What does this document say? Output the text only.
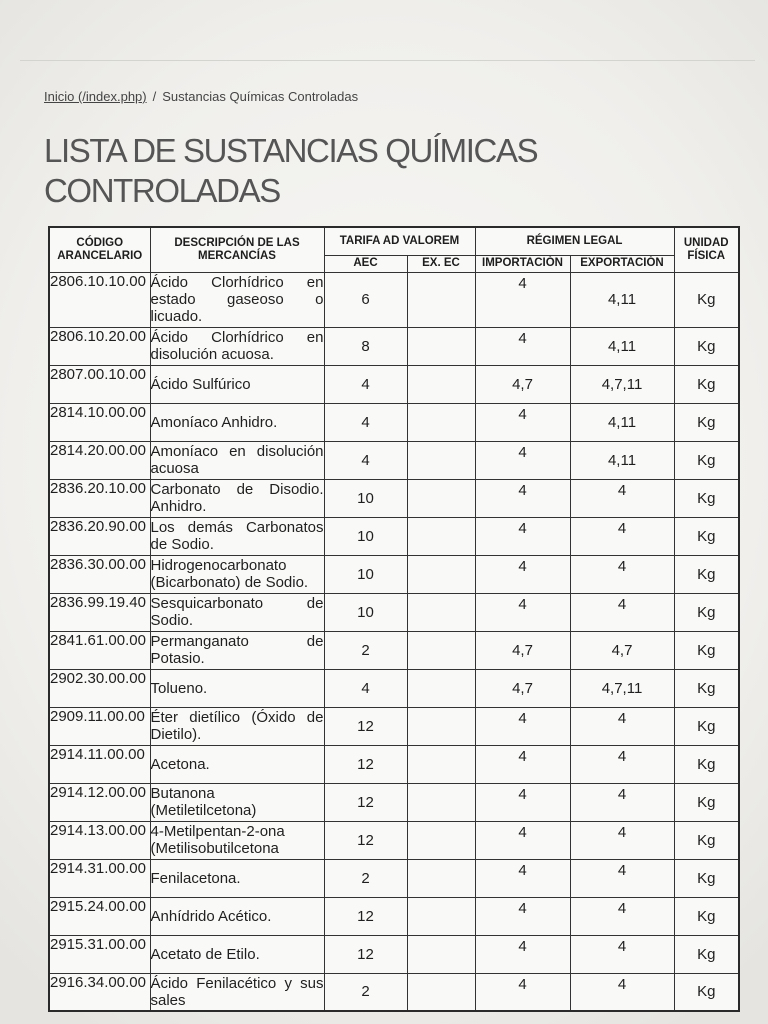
Inicio (/index.php) / Sustancias Químicas Controladas
LISTA DE SUSTANCIAS QUÍMICAS CONTROLADAS
CÓDIGO ARANCELARIO	DESCRIPCIÓN DE LAS MERCANCÍAS	TARIFA AD VALOREM		RÉGIMEN LEGAL		UNIDAD FÍSICA
		AEC	EX. EC	IMPORTACIÓN	EXPORTACIÓN	
2806.10.10.00	Ácido Clorhídrico en estado gaseoso o licuado.	6		4	4,11	Kg
2806.10.20.00	Ácido Clorhídrico en disolución acuosa.	8		4	4,11	Kg
2807.00.10.00	Ácido Sulfúrico	4		4,7	4,7,11	Kg
2814.10.00.00	Amoníaco Anhidro.	4		4	4,11	Kg
2814.20.00.00	Amoníaco en disolución acuosa	4		4	4,11	Kg
2836.20.10.00	Carbonato de Disodio. Anhidro.	10		4	4	Kg
2836.20.90.00	Los demás Carbonatos de Sodio.	10		4	4	Kg
2836.30.00.00	Hidrogenocarbonato (Bicarbonato) de Sodio.	10		4	4	Kg
2836.99.19.40	Sesquicarbonato de Sodio.	10		4	4	Kg
2841.61.00.00	Permanganato de Potasio.	2		4,7	4,7	Kg
2902.30.00.00	Tolueno.	4		4,7	4,7,11	Kg
2909.11.00.00	Éter dietílico (Óxido de Dietilo).	12		4	4	Kg
2914.11.00.00	Acetona.	12		4	4	Kg
2914.12.00.00	Butanona (Metiletilcetona)	12		4	4	Kg
2914.13.00.00	4-Metilpentan-2-ona (Metilisobutilcetona	12		4	4	Kg
2914.31.00.00	Fenilacetona.	2		4	4	Kg
2915.24.00.00	Anhídrido Acético.	12		4	4	Kg
2915.31.00.00	Acetato de Etilo.	12		4	4	Kg
2916.34.00.00	Ácido Fenilacético y sus sales	2		4	4	Kg
